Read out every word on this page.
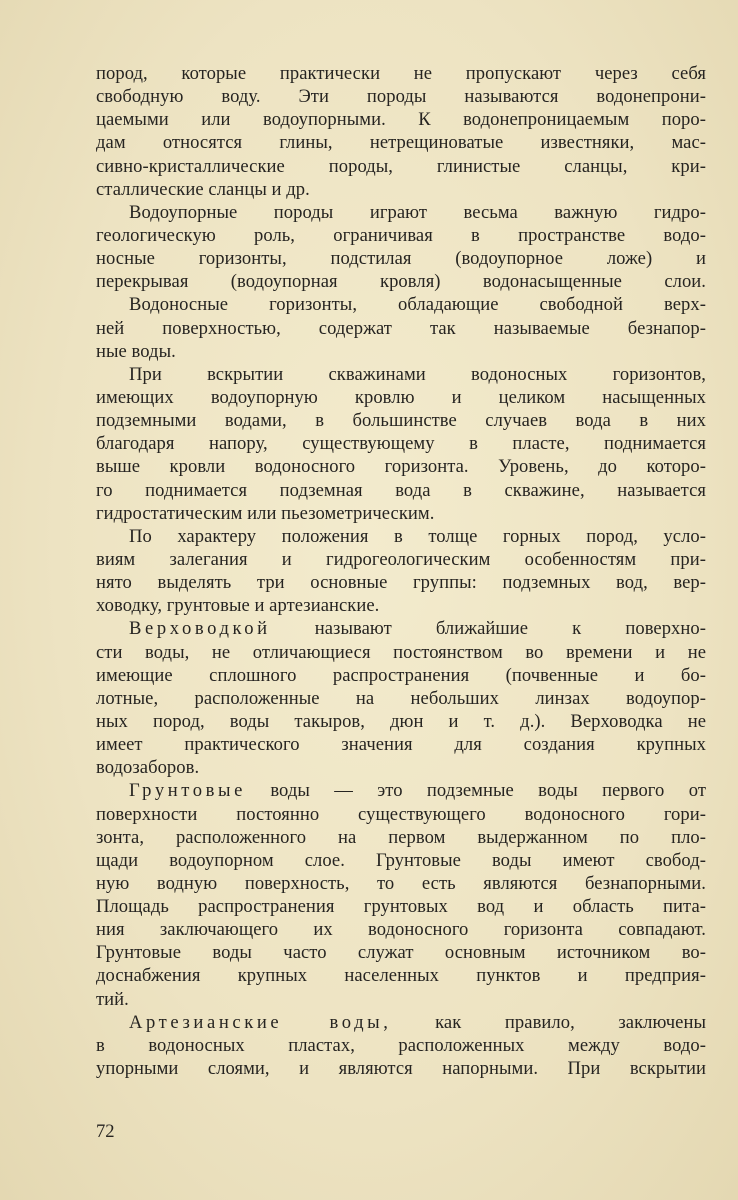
пород, которые практически не пропускают через себя
свободную воду. Эти породы называются водонепрони-
цаемыми или водоупорными. К водонепроницаемым поро-
дам относятся глины, нетрещиноватые известняки, мас-
сивно-кристаллические породы, глинистые сланцы, кри-
сталлические сланцы и др.
Водоупорные породы играют весьма важную гидро-
геологическую роль, ограничивая в пространстве водо-
носные горизонты, подстилая (водоупорное ложе) и
перекрывая (водоупорная кровля) водонасыщенные слои.
Водоносные горизонты, обладающие свободной верх-
ней поверхностью, содержат так называемые безнапор-
ные воды.
При вскрытии скважинами водоносных горизонтов,
имеющих водоупорную кровлю и целиком насыщенных
подземными водами, в большинстве случаев вода в них
благодаря напору, существующему в пласте, поднимается
выше кровли водоносного горизонта. Уровень, до которо-
го поднимается подземная вода в скважине, называется
гидростатическим или пьезометрическим.
По характеру положения в толще горных пород, усло-
виям залегания и гидрогеологическим особенностям при-
нято выделять три основные группы: подземных вод, вер-
ховодку, грунтовые и артезианские.
Верховодкой называют ближайшие к поверхно-
сти воды, не отличающиеся постоянством во времени и не
имеющие сплошного распространения (почвенные и бо-
лотные, расположенные на небольших линзах водоупор-
ных пород, воды такыров, дюн и т. д.). Верховодка не
имеет практического значения для создания крупных
водозаборов.
Грунтовые воды — это подземные воды первого от
поверхности постоянно существующего водоносного гори-
зонта, расположенного на первом выдержанном по пло-
щади водоупорном слое. Грунтовые воды имеют свобод-
ную водную поверхность, то есть являются безнапорными.
Площадь распространения грунтовых вод и область пита-
ния заключающего их водоносного горизонта совпадают.
Грунтовые воды часто служат основным источником во-
доснабжения крупных населенных пунктов и предприя-
тий.
Артезианские воды, как правило, заключены
в водоносных пластах, расположенных между водо-
упорными слоями, и являются напорными. При вскрытии
72
